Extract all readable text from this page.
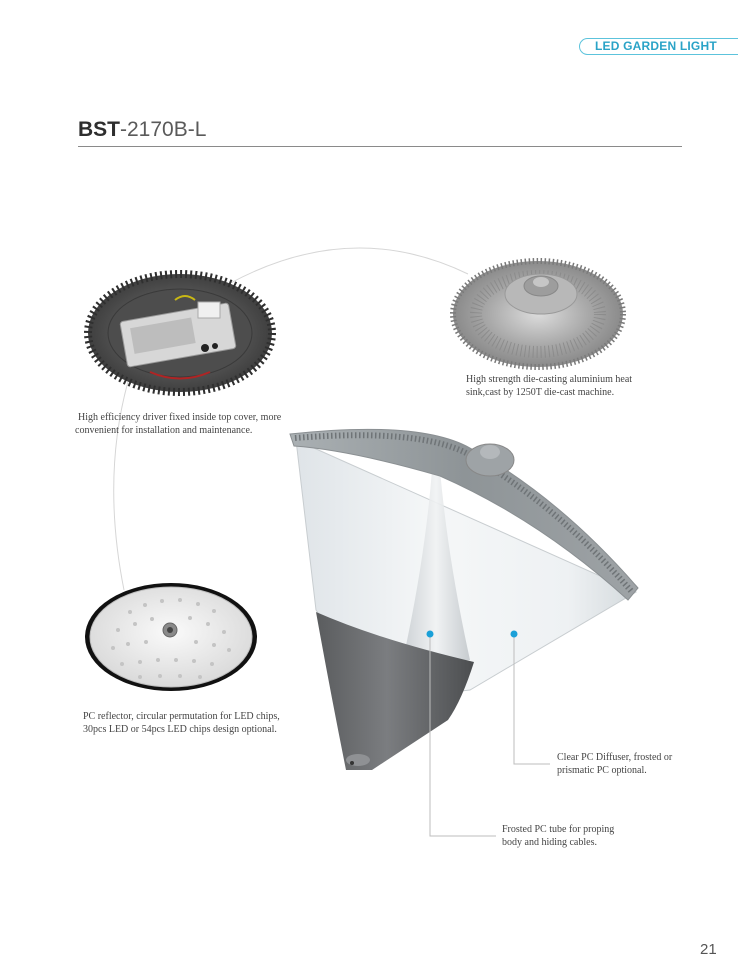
LED GARDEN LIGHT
BST-2170B-L
High efficiency driver fixed inside top cover, more
convenient for installation and maintenance.
High strength die-casting aluminium heat
sink,cast by 1250T die-cast machine.
PC reflector, circular permutation for LED chips,
30pcs LED or 54pcs LED chips design optional.
Clear PC Diffuser, frosted or
prismatic PC optional.
Frosted PC tube for proping
body and hiding cables.
21
